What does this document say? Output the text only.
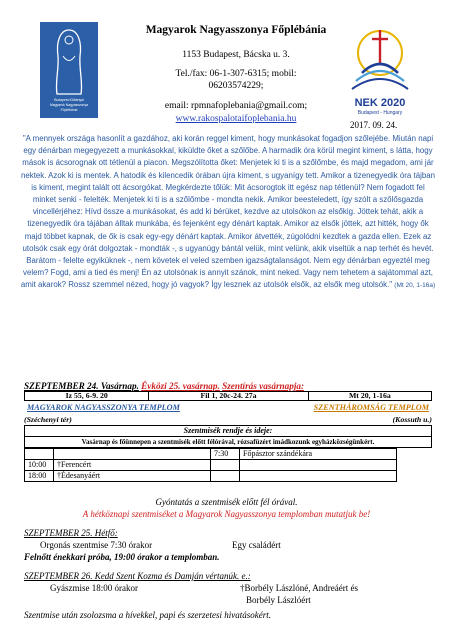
Budapest-Kőbányai
Magyarok Nagyasszonya
Főplébánia
Magyarok Nagyasszonya Főplébánia
1153 Budapest, Bácska u. 3.
Tel./fax: 06-1-307-6315; mobil:
06203574229;
email: rpmnafoplebania@gmail.com;
www.rakospalotaifoplebania.hu
NEK 2020
Budapest - Hungary
2017. 09. 24.
"A mennyek országa hasonlít a gazdához, aki korán reggel kiment, hogy munkásokat fogadjon szőlejébe. Miután napi egy dénárban megegyezett a munkásokkal, kiküldte őket a szőlőbe. A harmadik óra körül megint kiment, s látta, hogy mások is ácsorognak ott tétlenül a piacon. Megszólította őket: Menjetek ki ti is a szőlőmbe, és majd megadom, ami jár nektek. Azok ki is mentek. A hatodik és kilencedik órában újra kiment, s ugyanígy tett. Amikor a tizenegyedik óra tájban is kiment, megint talált ott ácsorgókat. Megkérdezte tőlük: Mit ácsorogtok itt egész nap tétlenül? Nem fogadott fel minket senki - felelték. Menjetek ki ti is a szőlőmbe - mondta nekik. Amikor beesteledett, így szólt a szőlősgazda vincellérjéhez: Hívd össze a munkásokat, és add ki bérüket, kezdve az utolsókon az elsőkig. Jöttek tehát, akik a tizenegyedik óra tájában álltak munkába, és fejenként egy dénárt kaptak. Amikor az elsők jöttek, azt hitték, hogy ők majd többet kapnak, de ők is csak egy-egy dénárt kaptak. Amikor átvették, zúgolódni kezdtek a gazda ellen. Ezek az utolsók csak egy órát dolgoztak - mondták -, s ugyanúgy bántál velük, mint velünk, akik viseltük a nap terhét és hevét. Barátom - felelte egyiküknek -, nem követek el veled szemben igazságtalanságot. Nem egy dénárban egyeztél meg velem? Fogd, ami a tied és menj! Én az utolsónak is annyit szánok, mint neked. Vagy nem tehetem a sajátommal azt, amit akarok? Rossz szemmel nézed, hogy jó vagyok? Így lesznek az utolsók elsők, az elsők meg utolsók." (Mt 20, 1-16a)
SZEPTEMBER 24. Vasárnap. Évközi 25. vasárnap. Szentírás vasárnapja:
Iz 55, 6-9. 20	Fil 1, 20c-24. 27a	Mt 20, 1-16a
MAGYAROK NAGYASSZONYA TEMPLOM	SZENTHÁROMSÁG TEMPLOM
(Széchenyi tér)	(Kossuth u.)
Szentmisék rendje és ideje:
Vasárnap és főünnepen a szentmisék előtt félórával, rózsafüzért imádkozunk egyházközségünkért.
		7:30	Főpásztor szándékára
10:00	†Ferencért		
18:00	†Édesanyáért		
Gyóntatás a szentmisék előtt fél órával.
A hétköznapi szentmiséket a Magyarok Nagyasszonya templomban mutatjuk be!
SZEPTEMBER 25. Hétfő:
Orgonás szentmise 7:30 órakor	Egy családért
Felnőtt énekkari próba, 19:00 órakor a templomban.
SZEPTEMBER 26. Kedd Szent Kozma és Damján vértanúk. e.:
Gyászmise 18:00 órakor	†Borbély Lászlóné, Andreáért és
Borbély Lászlóért
Szentmise után zsolozsma a hívekkel, papi és szerzetesi hivatásokért.
